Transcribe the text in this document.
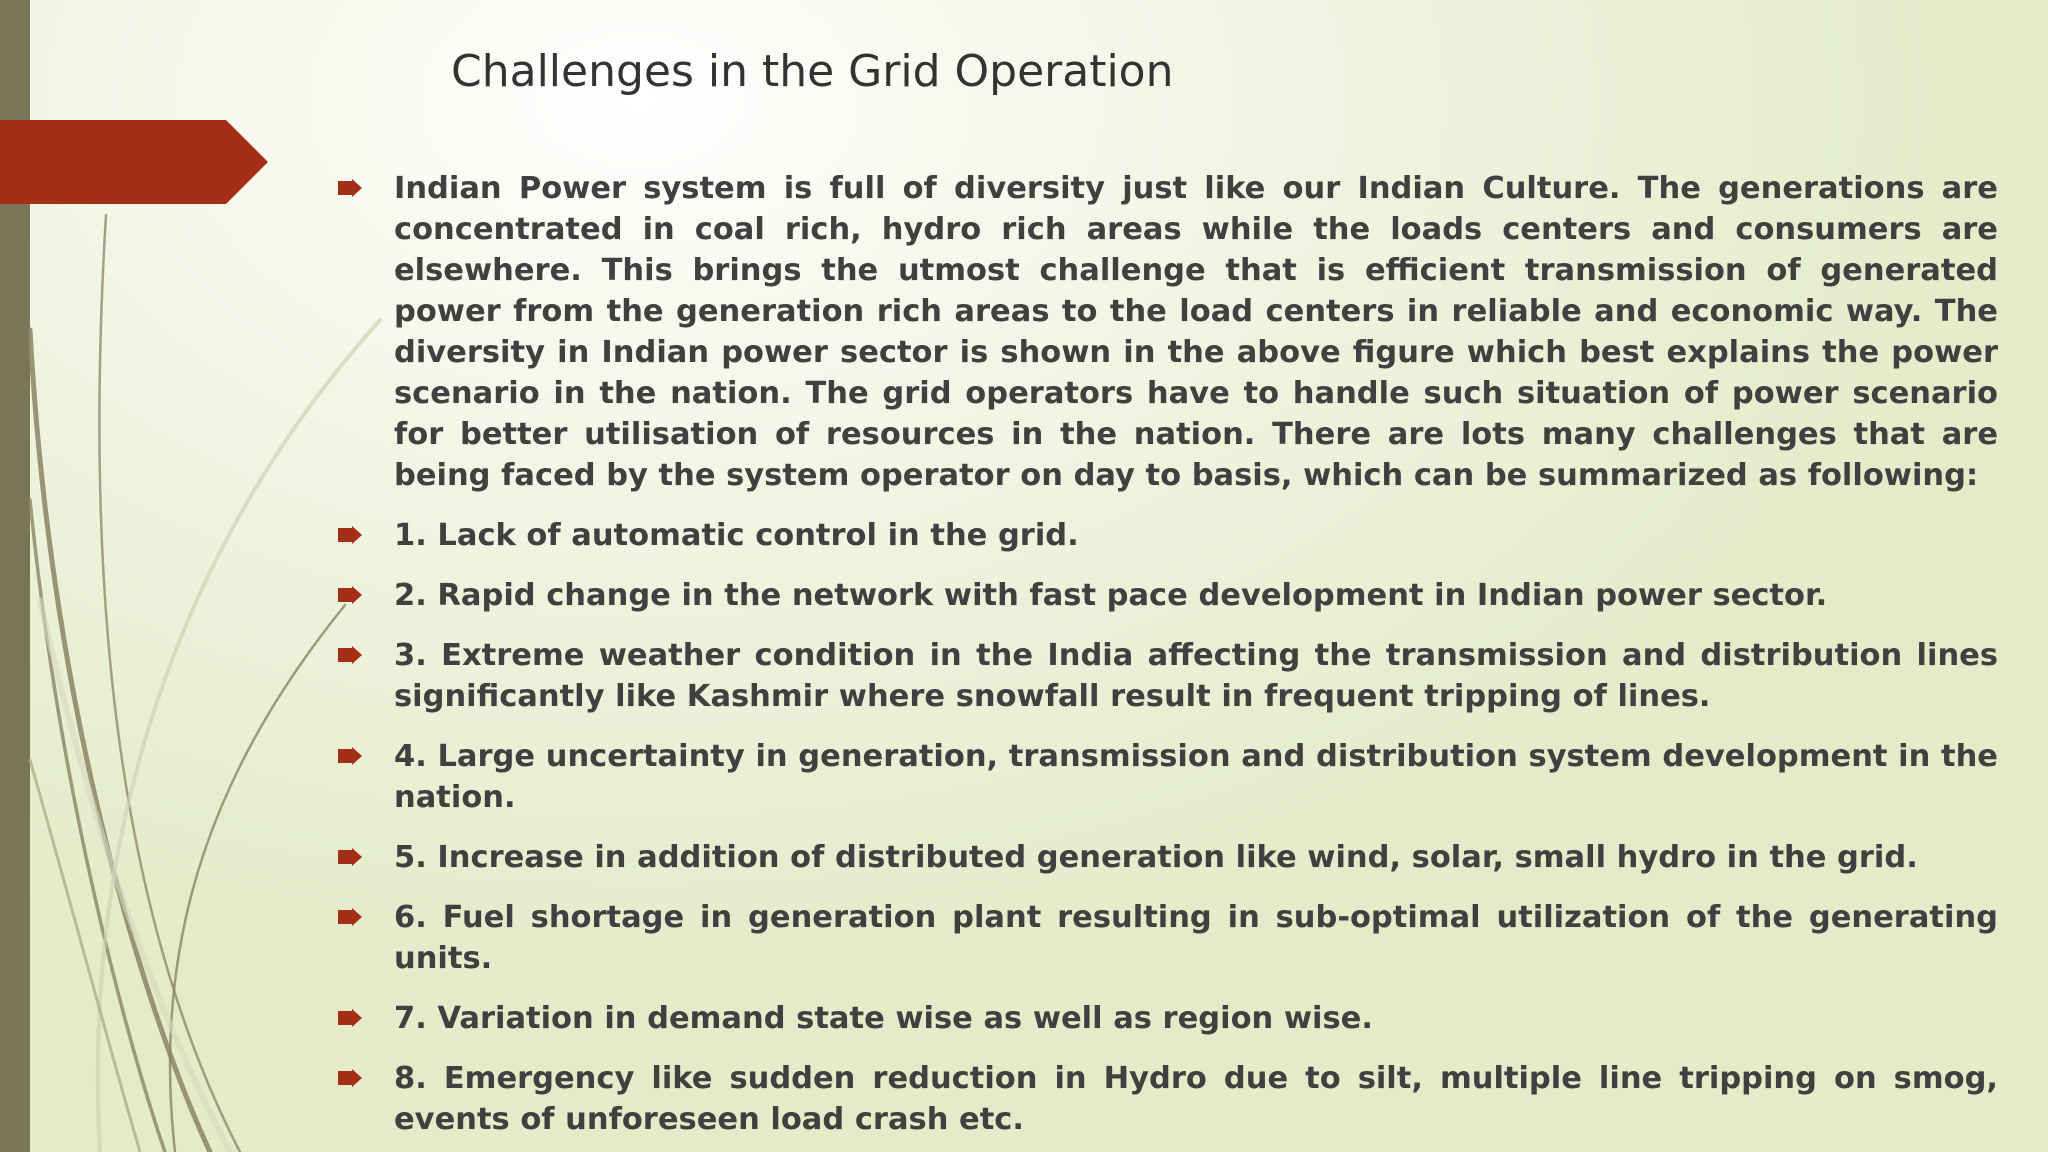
Challenges in the Grid Operation
Indian Power system is full of diversity just like our Indian Culture. The generations are concentrated in coal rich, hydro rich areas while the loads centers and consumers are elsewhere. This brings the utmost challenge that is efficient transmission of generated power from the generation rich areas to the load centers in reliable and economic way. The diversity in Indian power sector is shown in the above figure which best explains the power scenario in the nation. The grid operators have to handle such situation of power scenario for better utilisation of resources in the nation. There are lots many challenges that are being faced by the system operator on day to basis, which can be summarized as following:
1. Lack of automatic control in the grid.
2. Rapid change in the network with fast pace development in Indian power sector.
3. Extreme weather condition in the India affecting the transmission and distribution lines significantly like Kashmir where snowfall result in frequent tripping of lines.
4. Large uncertainty in generation, transmission and distribution system development in the nation.
5. Increase in addition of distributed generation like wind, solar, small hydro in the grid.
6. Fuel shortage in generation plant resulting in sub-optimal utilization of the generating units.
7. Variation in demand state wise as well as region wise.
8. Emergency like sudden reduction in Hydro due to silt, multiple line tripping on smog, events of unforeseen load crash etc.
